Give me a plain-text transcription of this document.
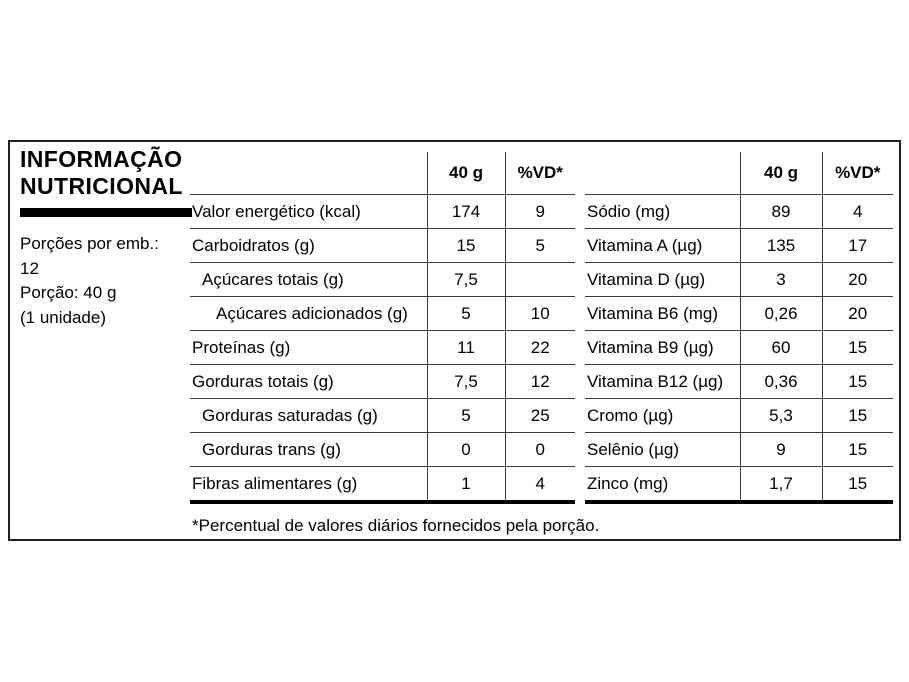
INFORMAÇÃO
NUTRICIONAL
Porções por emb.:
12
Porção: 40 g
(1 unidade)
	40 g	%VD*
Valor energético (kcal)	174	9
Carboidratos (g)	15	5
Açúcares totais (g)	7,5	
Açúcares adicionados (g)	5	10
Proteínas (g)	11	22
Gorduras totais (g)	7,5	12
Gorduras saturadas (g)	5	25
Gorduras trans (g)	0	0
Fibras alimentares (g)	1	4
	40 g	%VD*
Sódio (mg)	89	4
Vitamina A (µg)	135	17
Vitamina D (µg)	3	20
Vitamina B6 (mg)	0,26	20
Vitamina B9 (µg)	60	15
Vitamina B12 (µg)	0,36	15
Cromo (µg)	5,3	15
Selênio (µg)	9	15
Zinco (mg)	1,7	15
*Percentual de valores diários fornecidos pela porção.
